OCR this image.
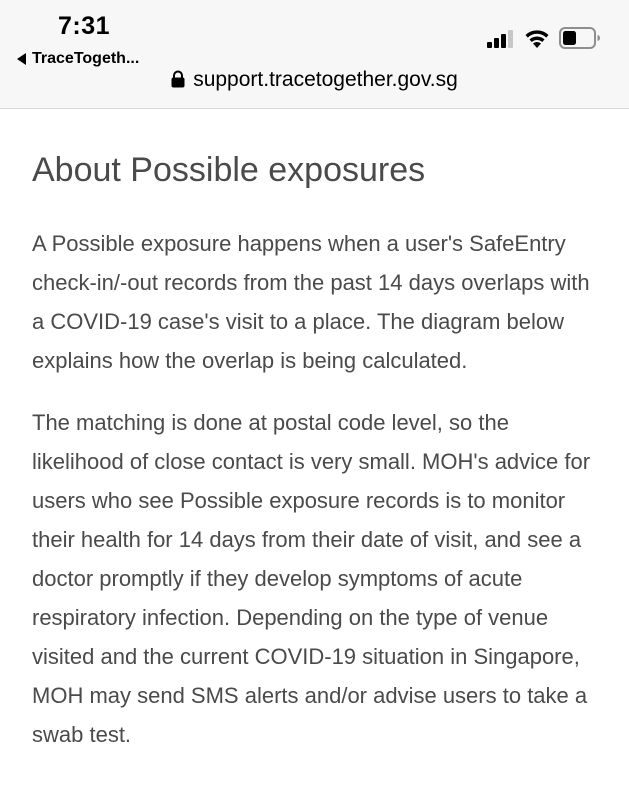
7:31
TraceTogeth...
support.tracetogether.gov.sg
About Possible exposures

A Possible exposure happens when a user's SafeEntry check-in/-out records from the past 14 days overlaps with a COVID-19 case's visit to a place. The diagram below explains how the overlap is being calculated.

The matching is done at postal code level, so the likelihood of close contact is very small. MOH's advice for users who see Possible exposure records is to monitor their health for 14 days from their date of visit, and see a doctor promptly if they develop symptoms of acute respiratory infection. Depending on the type of venue visited and the current COVID-19 situation in Singapore, MOH may send SMS alerts and/or advise users to take a swab test.
